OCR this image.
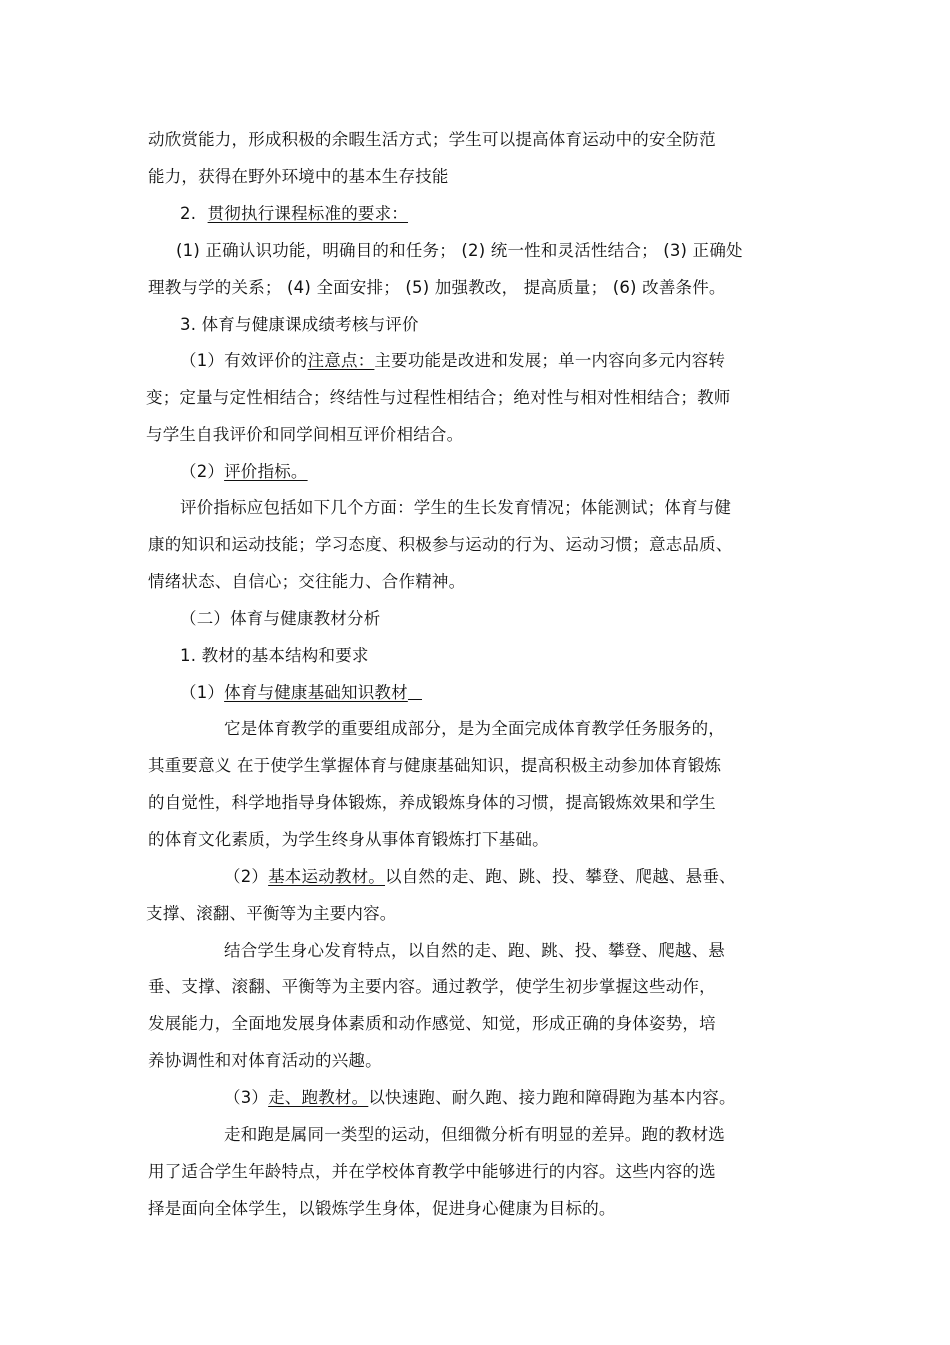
动欣赏能力，形成积极的余暇生活方式；学生可以提高体育运动中的安全防范
能力，获得在野外环境中的基本生存技能
2. 贯彻执行课程标准的要求：
(1) 正确认识功能，明确目的和任务； (2) 统一性和灵活性结合； (3) 正确处
理教与学的关系； (4) 全面安排； (5) 加强教改， 提高质量； (6) 改善条件。
3. 体育与健康课成绩考核与评价
（1）有效评价的注意点：主要功能是改进和发展；单一内容向多元内容转
变；定量与定性相结合；终结性与过程性相结合；绝对性与相对性相结合；教师
与学生自我评价和同学间相互评价相结合。
（2）评价指标。
评价指标应包括如下几个方面：学生的生长发育情况；体能测试；体育与健
康的知识和运动技能；学习态度、积极参与运动的行为、运动习惯；意志品质、
情绪状态、自信心；交往能力、合作精神。
（二）体育与健康教材分析
1. 教材的基本结构和要求
（1）体育与健康基础知识教材
它是体育教学的重要组成部分，是为全面完成体育教学任务服务的，
其重要意义 在于使学生掌握体育与健康基础知识，提高积极主动参加体育锻炼
的自觉性，科学地指导身体锻炼，养成锻炼身体的习惯，提高锻炼效果和学生
的体育文化素质，为学生终身从事体育锻炼打下基础。
（2）基本运动教材。以自然的走、跑、跳、投、攀登、爬越、悬垂、
支撑、滚翻、平衡等为主要内容。
结合学生身心发育特点，以自然的走、跑、跳、投、攀登、爬越、悬
垂、支撑、滚翻、平衡等为主要内容。通过教学，使学生初步掌握这些动作，
发展能力，全面地发展身体素质和动作感觉、知觉，形成正确的身体姿势，培
养协调性和对体育活动的兴趣。
（3）走、跑教材。以快速跑、耐久跑、接力跑和障碍跑为基本内容。
走和跑是属同一类型的运动，但细微分析有明显的差异。跑的教材选
用了适合学生年龄特点，并在学校体育教学中能够进行的内容。这些内容的选
择是面向全体学生，以锻炼学生身体，促进身心健康为目标的。
